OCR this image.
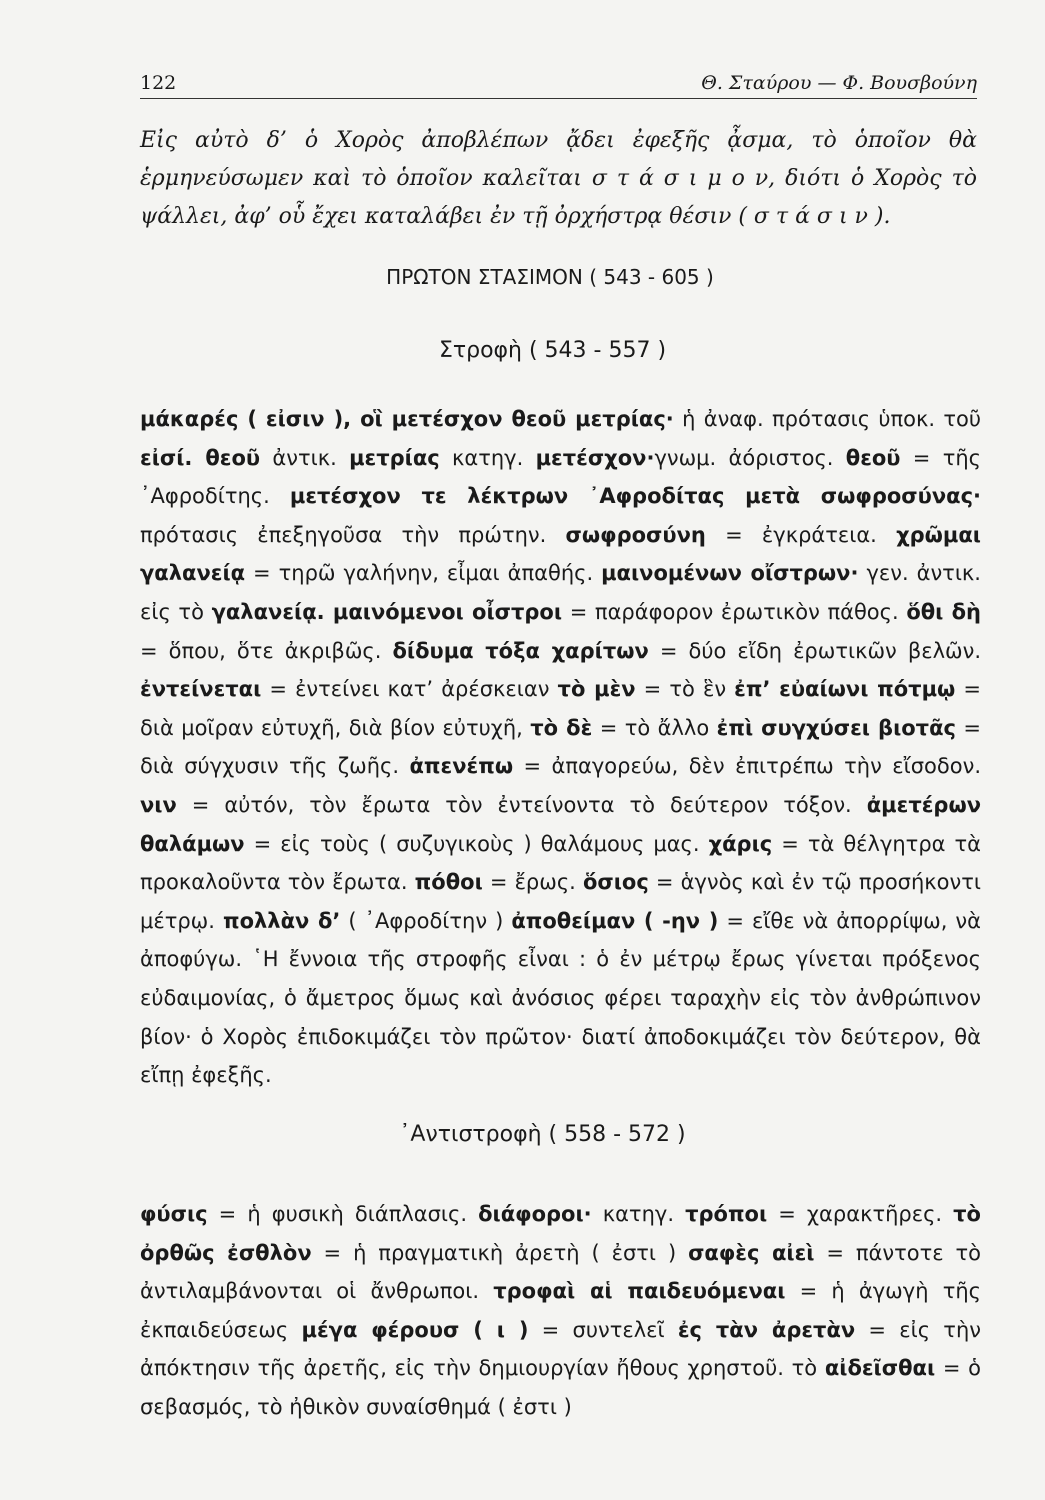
122	Θ. Σταύρου — Φ. Βουσβούνη
Εἰς αὐτὸ δ’ ὁ Χορὸς ἀποβλέπων ᾄδει ἐφεξῆς ᾆσμα, τὸ ὁποῖον θὰ ἑρμηνεύσωμεν καὶ τὸ ὁποῖον καλεῖται σ τ ά σ ι μ ο ν, διότι ὁ Χορὸς τὸ ψάλλει, ἀφ’ οὗ ἔχει καταλάβει ἐν τῇ ὀρχήστρᾳ θέσιν ( σ τ ά σ ι ν ).
ΠΡΩΤΟΝ ΣΤΑΣΙΜΟΝ ( 543 - 605 )
Στροφὴ ( 543 - 557 )
μάκαρές ( εἰσιν ), οἳ μετέσχον θεοῦ μετρίας· ἡ ἀναφ. πρότασις ὑποκ. τοῦ εἰσί. θεοῦ ἀντικ. μετρίας κατηγ. μετέσχον·γνωμ. ἀόριστος. θεοῦ = τῆς ᾿Αφροδίτης. μετέσχον τε λέκτρων ᾿Αφροδίτας μετὰ σωφροσύνας· πρότασις ἐπεξηγοῦσα τὴν πρώτην. σωφροσύνη = ἐγκράτεια. χρῶμαι γαλανείᾳ = τηρῶ γαλήνην, εἶμαι ἀπαθής. μαινομένων οἴστρων· γεν. ἀντικ. εἰς τὸ γαλανείᾳ. μαινόμενοι οἶστροι = παράφορον ἐρωτικὸν πάθος. ὅθι δὴ = ὅπου, ὅτε ἀκριβῶς. δίδυμα τόξα χαρίτων = δύο εἴδη ἐρωτικῶν βελῶν. ἐντείνεται = ἐντείνει κατ’ ἀρέσκειαν τὸ μὲν = τὸ ἓν ἐπ’ εὐαίωνι πότμῳ = διὰ μοῖραν εὐτυχῆ, διὰ βίον εὐτυχῆ, τὸ δὲ = τὸ ἄλλο ἐπὶ συγχύσει βιοτᾶς = διὰ σύγχυσιν τῆς ζωῆς. ἀπενέπω = ἀπαγορεύω, δὲν ἐπιτρέπω τὴν εἴσοδον. νιν = αὐτόν, τὸν ἔρωτα τὸν ἐντείνοντα τὸ δεύτερον τόξον. ἀμετέρων θαλάμων = εἰς τοὺς ( συζυγικοὺς ) θαλάμους μας. χάρις = τὰ θέλγητρα τὰ προκαλοῦντα τὸν ἔρωτα. πόθοι = ἔρως. ὅσιος = ἁγνὸς καὶ ἐν τῷ προσήκοντι μέτρῳ. πολλὰν δ’ ( ᾿Αφροδίτην ) ἀποθείμαν ( -ην ) = εἴθε νὰ ἀπορρίψω, νὰ ἀποφύγω. ῾Η ἔννοια τῆς στροφῆς εἶναι : ὁ ἐν μέτρῳ ἔρως γίνεται πρόξενος εὐδαιμονίας, ὁ ἄμετρος ὅμως καὶ ἀνόσιος φέρει ταραχὴν εἰς τὸν ἀνθρώπινον βίον· ὁ Χορὸς ἐπιδοκιμάζει τὸν πρῶτον· διατί ἀποδοκιμάζει τὸν δεύτερον, θὰ εἴπῃ ἐφεξῆς.
᾿Αντιστροφὴ ( 558 - 572 )
φύσις = ἡ φυσικὴ διάπλασις. διάφοροι· κατηγ. τρόποι = χαρακτῆρες. τὸ ὀρθῶς ἐσθλὸν = ἡ πραγματικὴ ἀρετὴ ( ἐστι ) σαφὲς αἰεὶ = πάντοτε τὸ ἀντιλαμβάνονται οἱ ἄνθρωποι. τροφαὶ αἱ παιδευόμεναι = ἡ ἀγωγὴ τῆς ἐκπαιδεύσεως μέγα φέρουσ ( ι ) = συντελεῖ ἐς τὰν ἀρετὰν = εἰς τὴν ἀπόκτησιν τῆς ἀρετῆς, εἰς τὴν δημιουργίαν ἤθους χρηστοῦ. τὸ αἰδεῖσθαι = ὁ σεβασμός, τὸ ἠθικὸν συναίσθημά ( ἐστι )
